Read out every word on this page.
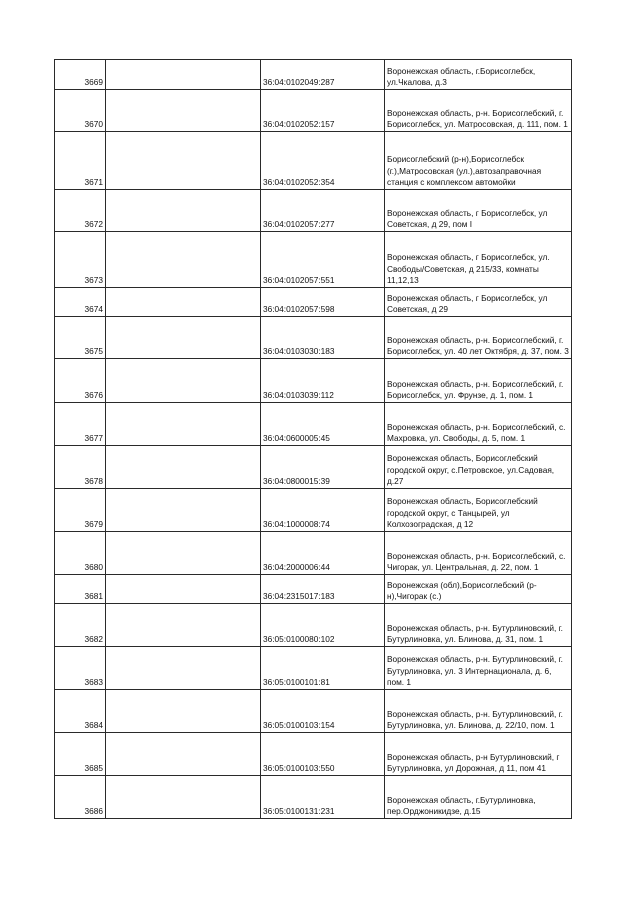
3669		36:04:0102049:287	Воронежская область, г.Борисоглебск, ул.Чкалова, д.3
3670		36:04:0102052:157	Воронежская область, р-н. Борисоглебский, г. Борисоглебск, ул. Матросовская, д. 111, пом. 1
3671		36:04:0102052:354	Борисоглебский (р-н),Борисоглебск (г.),Матросовская (ул.),автозаправочная станция с комплексом автомойки
3672		36:04:0102057:277	Воронежская область, г Борисоглебск, ул Советская, д 29, пом I
3673		36:04:0102057:551	Воронежская область, г Борисоглебск, ул. Свободы/Советская, д 215/33, комнаты 11,12,13
3674		36:04:0102057:598	Воронежская область, г Борисоглебск, ул Советская, д 29
3675		36:04:0103030:183	Воронежская область, р-н. Борисоглебский, г. Борисоглебск, ул. 40 лет Октября, д. 37, пом. 3
3676		36:04:0103039:112	Воронежская область, р-н. Борисоглебский, г. Борисоглебск, ул. Фрунзе, д. 1, пом. 1
3677		36:04:0600005:45	Воронежская область, р-н. Борисоглебский, с. Махровка, ул. Свободы, д. 5, пом. 1
3678		36:04:0800015:39	Воронежская область, Борисоглебский городской округ, с.Петровское, ул.Садовая, д.27
3679		36:04:1000008:74	Воронежская область, Борисоглебский городской округ, с Танцырей, ул Колхозоградская, д 12
3680		36:04:2000006:44	Воронежская область, р-н. Борисоглебский, с. Чигорак, ул. Центральная, д. 22, пом. 1
3681		36:04:2315017:183	Воронежская (обл),Борисоглебский (р-н),Чигорак (с.)
3682		36:05:0100080:102	Воронежская область, р-н. Бутурлиновский, г. Бутурлиновка, ул. Блинова, д. 31, пом. 1
3683		36:05:0100101:81	Воронежская область, р-н. Бутурлиновский, г. Бутурлиновка, ул. 3 Интернационала, д. 6, пом. 1
3684		36:05:0100103:154	Воронежская область, р-н. Бутурлиновский, г. Бутурлиновка, ул. Блинова, д. 22/10, пом. 1
3685		36:05:0100103:550	Воронежская область, р-н Бутурлиновский, г Бутурлиновка, ул Дорожная, д 11, пом 41
3686		36:05:0100131:231	Воронежская область, г.Бутурлиновка, пер.Орджоникидзе, д.15
